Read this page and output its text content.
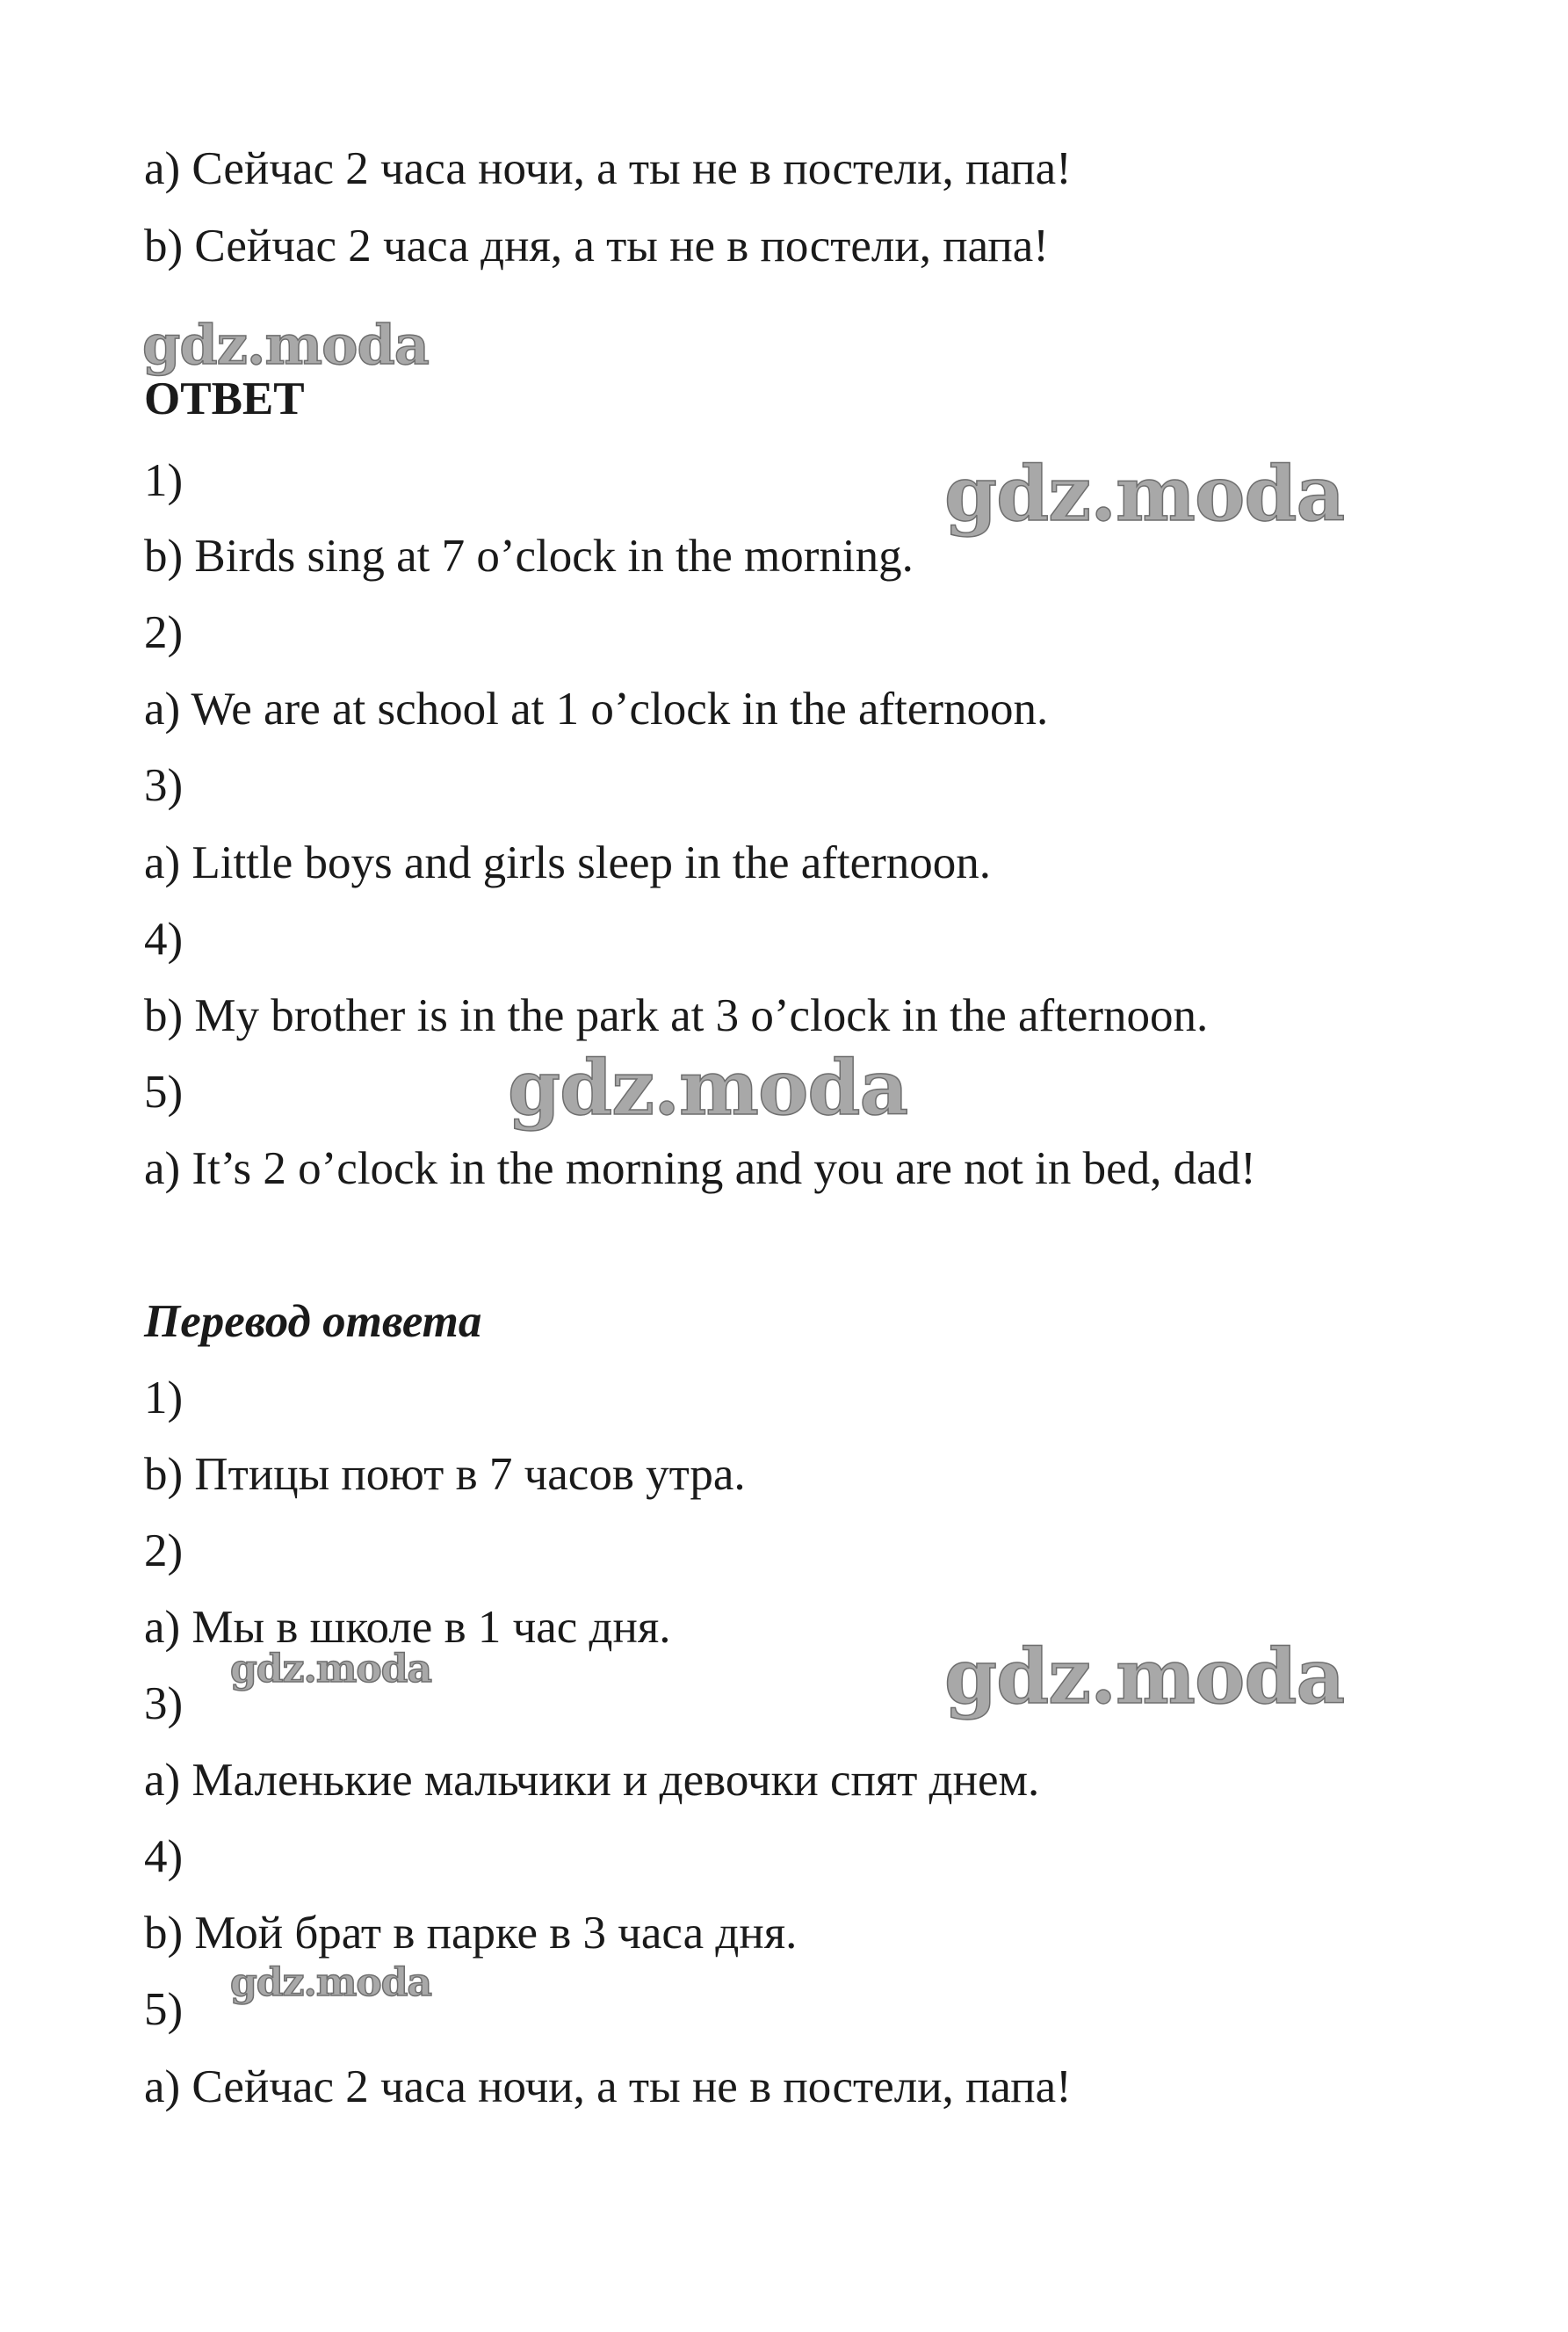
a) Сейчас 2 часа ночи, а ты не в постели, папа!
b) Сейчас 2 часа дня, а ты не в постели, папа!
gdz.moda
ОТВЕТ
1)	gdz.moda
b) Birds sing at 7 o’clock in the morning.
2)
a) We are at school at 1 o’clock in the afternoon.
3)
a) Little boys and girls sleep in the afternoon.
4)
b) My brother is in the park at 3 o’clock in the afternoon.
5)	gdz.moda
a) It’s 2 o’clock in the morning and you are not in bed, dad!
Перевод ответа
1)
b) Птицы поют в 7 часов утра.
2)
a) Мы в школе в 1 час дня.
gdz.moda	gdz.moda
3)
a) Маленькие мальчики и девочки спят днем.
4)
b) Мой брат в парке в 3 часа дня.
gdz.moda
5)
a) Сейчас 2 часа ночи, а ты не в постели, папа!
